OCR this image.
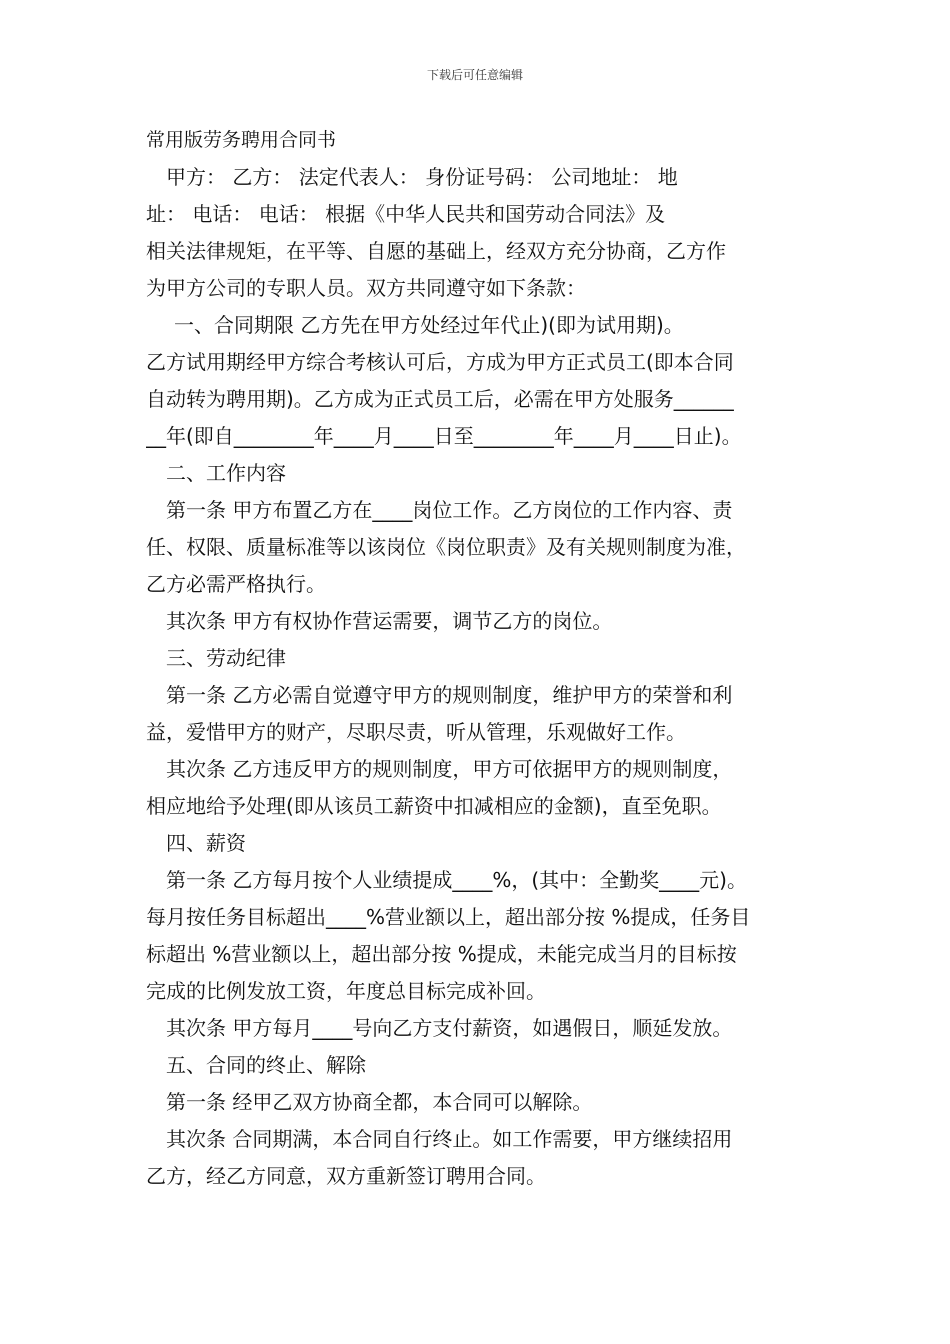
下载后可任意编辑
常用版劳务聘用合同书
甲方： 乙方： 法定代表人： 身份证号码： 公司地址： 地
址： 电话： 电话： 根据《中华人民共和国劳动合同法》及
相关法律规矩，在平等、自愿的基础上，经双方充分协商，乙方作
为甲方公司的专职人员。双方共同遵守如下条款：
一、合同期限 乙方先在甲方处经过年代止)(即为试用期)。
乙方试用期经甲方综合考核认可后，方成为甲方正式员工(即本合同
自动转为聘用期)。乙方成为正式员工后，必需在甲方处服务______
__年(即自________年____月____日至________年____月____日止)。
二、工作内容
第一条 甲方布置乙方在____岗位工作。乙方岗位的工作内容、责
任、权限、质量标准等以该岗位《岗位职责》及有关规则制度为准，
乙方必需严格执行。
其次条 甲方有权协作营运需要，调节乙方的岗位。
三、劳动纪律
第一条 乙方必需自觉遵守甲方的规则制度，维护甲方的荣誉和利
益，爱惜甲方的财产，尽职尽责，听从管理，乐观做好工作。
其次条 乙方违反甲方的规则制度，甲方可依据甲方的规则制度，
相应地给予处理(即从该员工薪资中扣减相应的金额)，直至免职。
四、薪资
第一条 乙方每月按个人业绩提成____%，(其中：全勤奖____元)。
每月按任务目标超出____%营业额以上，超出部分按 %提成，任务目
标超出 %营业额以上，超出部分按 %提成，未能完成当月的目标按
完成的比例发放工资，年度总目标完成补回。
其次条 甲方每月____号向乙方支付薪资，如遇假日，顺延发放。
五、合同的终止、解除
第一条 经甲乙双方协商全都，本合同可以解除。
其次条 合同期满，本合同自行终止。如工作需要，甲方继续招用
乙方，经乙方同意，双方重新签订聘用合同。
